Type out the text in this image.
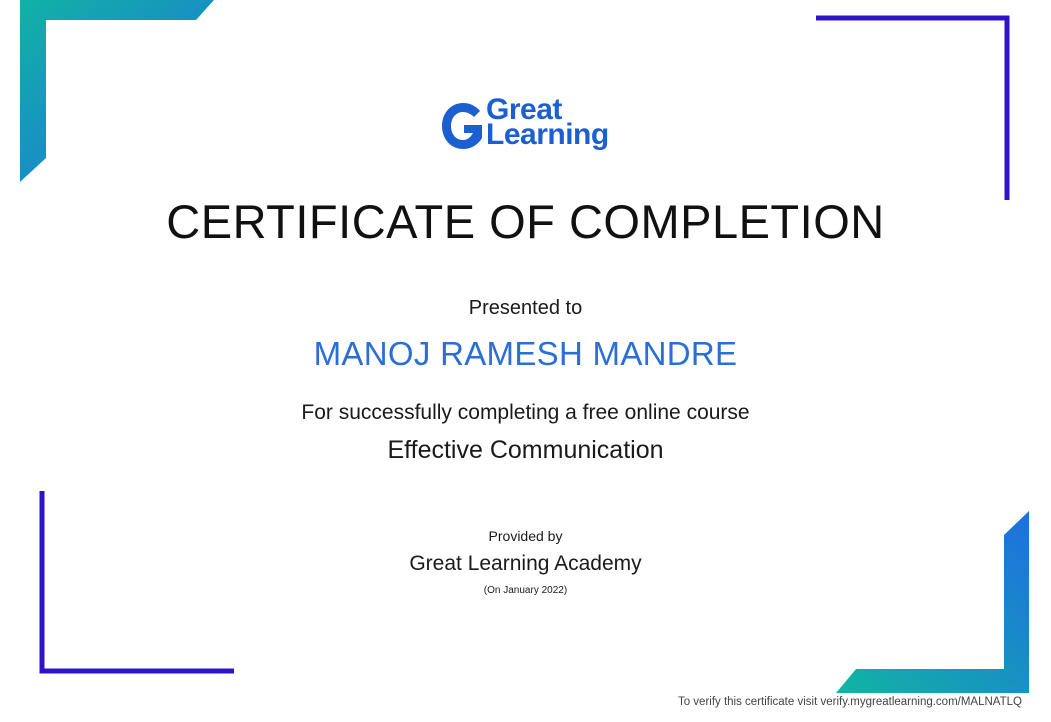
Great
Learning
CERTIFICATE OF COMPLETION
Presented to
MANOJ RAMESH MANDRE
For successfully completing a free online course
Effective Communication
Provided by
Great Learning Academy
(On January 2022)
To verify this certificate visit verify.mygreatlearning.com/MALNATLQ
